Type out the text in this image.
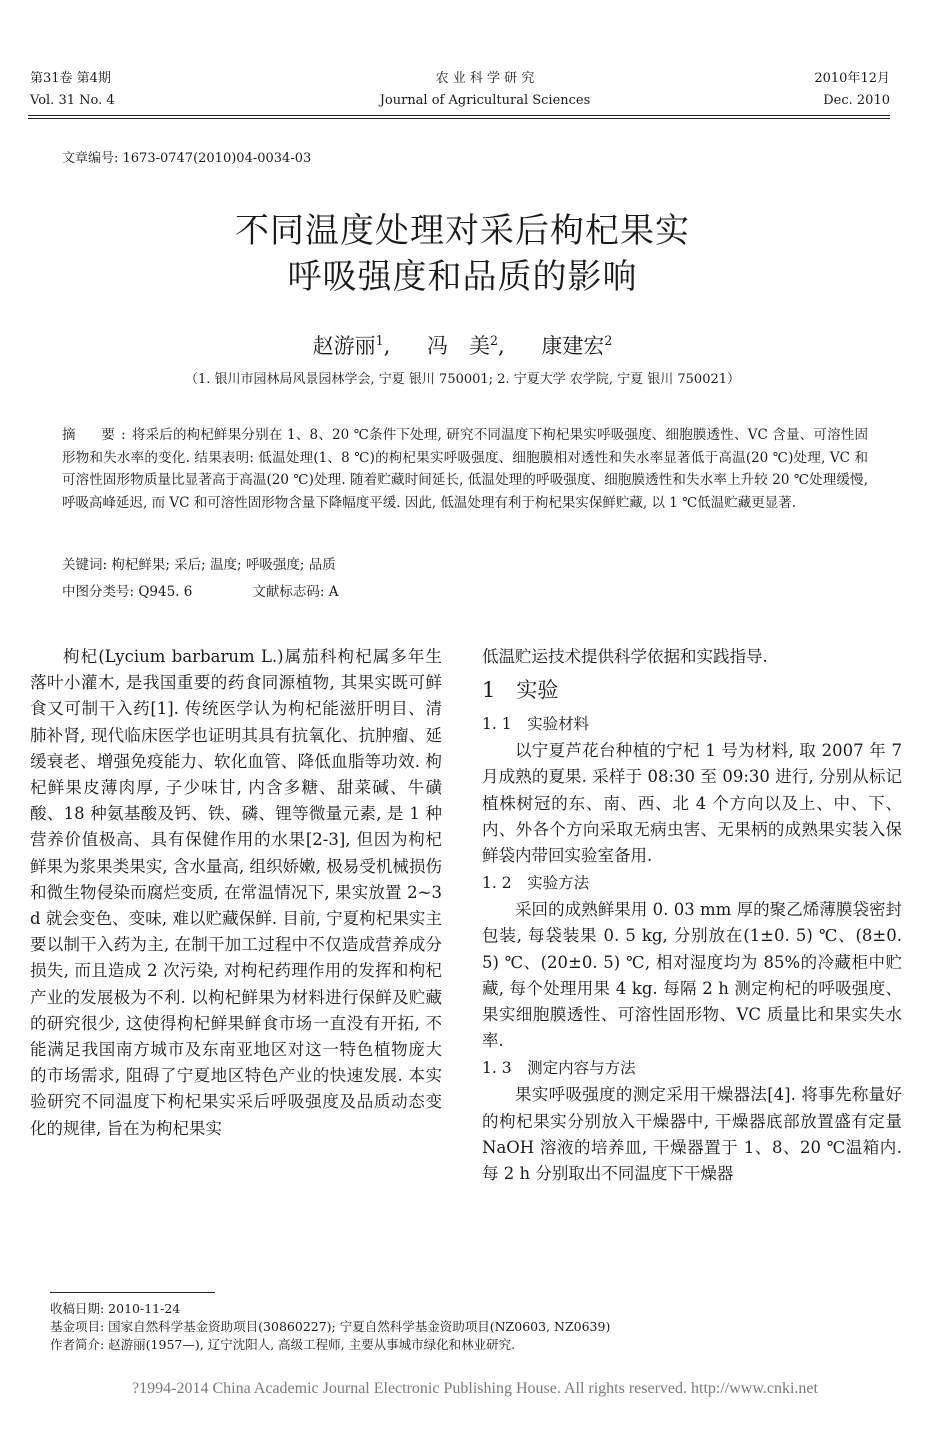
第31卷 第4期
Vol. 31 No. 4
农 业 科 学 研 究
Journal of Agricultural Sciences
2010年12月
Dec. 2010
文章编号: 1673-0747(2010)04-0034-03
不同温度处理对采后枸杞果实
呼吸强度和品质的影响
赵游丽$^1$, 冯　美$^2$, 康建宏$^2$
（1. 银川市园林局风景园林学会, 宁夏 银川 750001; 2. 宁夏大学 农学院, 宁夏 银川 750021）
摘　要:将采后的枸杞鲜果分别在 1、8、20 ℃条件下处理, 研究不同温度下枸杞果实呼吸强度、细胞膜透性、VC 含量、可溶性固形物和失水率的变化. 结果表明: 低温处理(1、8 ℃)的枸杞果实呼吸强度、细胞膜相对透性和失水率显著低于高温(20 ℃)处理, VC 和可溶性固形物质量比显著高于高温(20 ℃)处理. 随着贮藏时间延长, 低温处理的呼吸强度、细胞膜透性和失水率上升较 20 ℃处理缓慢, 呼吸高峰延迟, 而 VC 和可溶性固形物含量下降幅度平缓. 因此, 低温处理有利于枸杞果实保鲜贮藏, 以 1 ℃低温贮藏更显著.
关键词: 枸杞鲜果; 采后; 温度; 呼吸强度; 品质
中图分类号: Q945. 6	文献标志码: A
枸杞(Lycium barbarum L.)属茄科枸杞属多年生落叶小灌木, 是我国重要的药食同源植物, 其果实既可鲜食又可制干入药[1]. 传统医学认为枸杞能滋肝明目、清肺补肾, 现代临床医学也证明其具有抗氧化、抗肿瘤、延缓衰老、增强免疫能力、软化血管、降低血脂等功效. 枸杞鲜果皮薄肉厚, 子少味甘, 内含多糖、甜菜碱、牛磺酸、18 种氨基酸及钙、铁、磷、锂等微量元素, 是 1 种营养价值极高、具有保健作用的水果[2-3], 但因为枸杞鲜果为浆果类果实, 含水量高, 组织娇嫩, 极易受机械损伤和微生物侵染而腐烂变质, 在常温情况下, 果实放置 2~3 d 就会变色、变味, 难以贮藏保鲜. 目前, 宁夏枸杞果实主要以制干入药为主, 在制干加工过程中不仅造成营养成分损失, 而且造成 2 次污染, 对枸杞药理作用的发挥和枸杞产业的发展极为不利. 以枸杞鲜果为材料进行保鲜及贮藏的研究很少, 这使得枸杞鲜果鲜食市场一直没有开拓, 不能满足我国南方城市及东南亚地区对这一特色植物庞大的市场需求, 阻碍了宁夏地区特色产业的快速发展. 本实验研究不同温度下枸杞果实采后呼吸强度及品质动态变化的规律, 旨在为枸杞果实

低温贮运技术提供科学依据和实践指导.

1　实验

1. 1　实验材料

以宁夏芦花台种植的宁杞 1 号为材料, 取 2007 年 7 月成熟的夏果. 采样于 08:30 至 09:30 进行, 分别从标记植株树冠的东、南、西、北 4 个方向以及上、中、下、内、外各个方向采取无病虫害、无果柄的成熟果实装入保鲜袋内带回实验室备用.

1. 2　实验方法

采回的成熟鲜果用 0. 03 mm 厚的聚乙烯薄膜袋密封包装, 每袋装果 0. 5 kg, 分别放在(1±0. 5) ℃、(8±0. 5) ℃、(20±0. 5) ℃, 相对湿度均为 85%的冷藏柜中贮藏, 每个处理用果 4 kg. 每隔 2 h 测定枸杞的呼吸强度、果实细胞膜透性、可溶性固形物、VC 质量比和果实失水率.

1. 3　测定内容与方法

果实呼吸强度的测定采用干燥器法[4]. 将事先称量好的枸杞果实分别放入干燥器中, 干燥器底部放置盛有定量 NaOH 溶液的培养皿, 干燥器置于 1、8、20 ℃温箱内. 每 2 h 分别取出不同温度下干燥器

收稿日期: 2010-11-24
基金项目: 国家自然科学基金资助项目(30860227); 宁夏自然科学基金资助项目(NZ0603, NZ0639)
作者简介: 赵游丽(1957—), 辽宁沈阳人, 高级工程师, 主要从事城市绿化和林业研究.
?1994-2014 China Academic Journal Electronic Publishing House. All rights reserved. http://www.cnki.net
